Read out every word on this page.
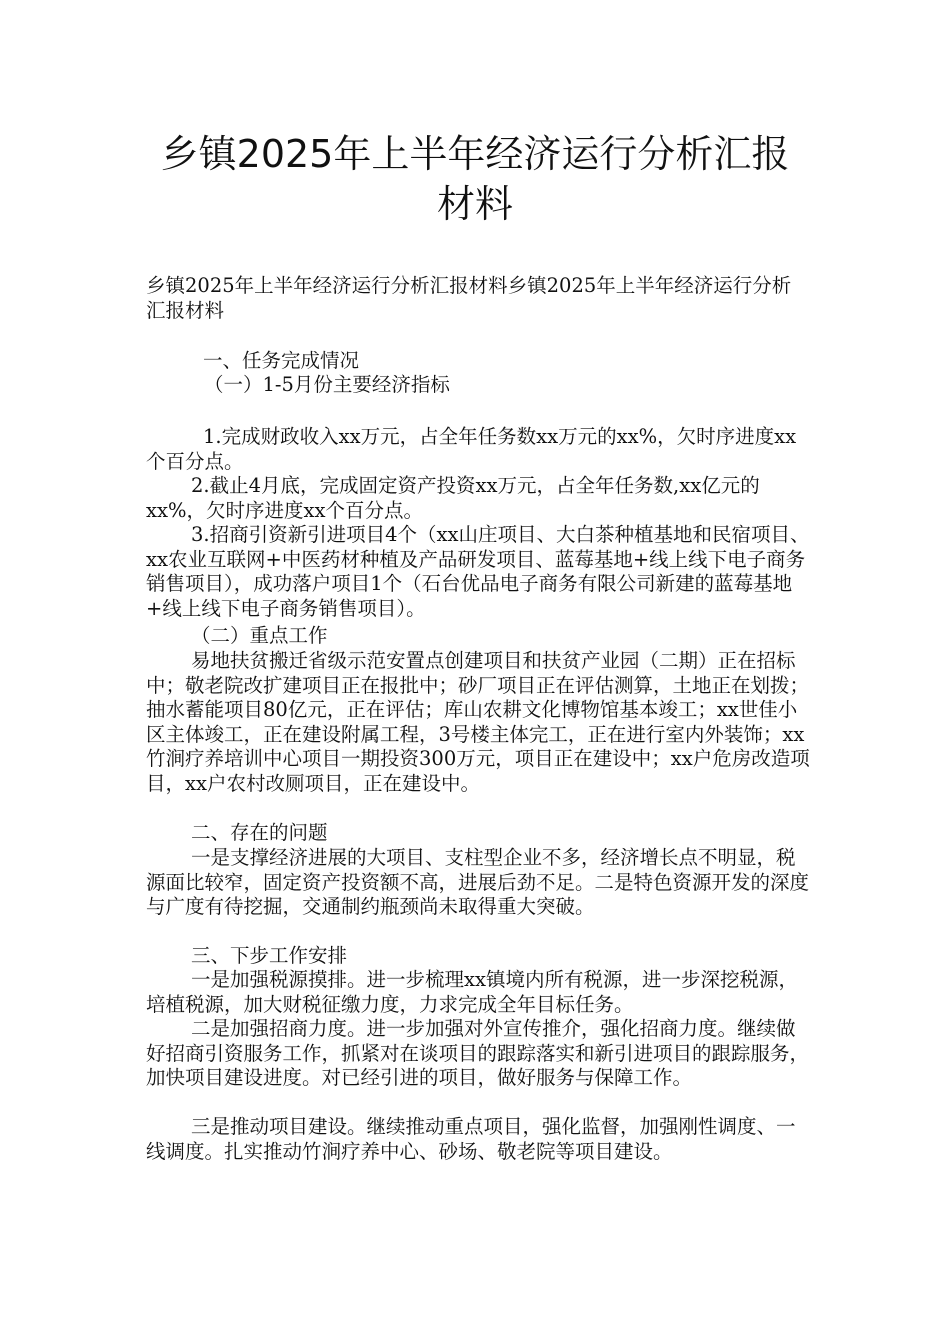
乡镇2025年上半年经济运行分析汇报
材料
乡镇2025年上半年经济运行分析汇报材料乡镇2025年上半年经济运行分析汇报材料
一、任务完成情况
（一）1-5月份主要经济指标
1.完成财政收入xx万元，占全年任务数xx万元的xx%，欠时序进度xx个百分点。
2.截止4月底，完成固定资产投资xx万元，占全年任务数,xx亿元的xx%，欠时序进度xx个百分点。
3.招商引资新引进项目4个（xx山庄项目、大白茶种植基地和民宿项目、xx农业互联网+中医药材种植及产品研发项目、蓝莓基地+线上线下电子商务销售项目），成功落户项目1个（石台优品电子商务有限公司新建的蓝莓基地+线上线下电子商务销售项目）。
（二）重点工作
易地扶贫搬迁省级示范安置点创建项目和扶贫产业园（二期）正在招标中；敬老院改扩建项目正在报批中；砂厂项目正在评估测算，土地正在划拨；抽水蓄能项目80亿元，正在评估；库山农耕文化博物馆基本竣工；xx世佳小区主体竣工，正在建设附属工程，3号楼主体完工，正在进行室内外装饰；xx竹涧疗养培训中心项目一期投资300万元，项目正在建设中；xx户危房改造项目，xx户农村改厕项目，正在建设中。
二、存在的问题
一是支撑经济进展的大项目、支柱型企业不多，经济增长点不明显，税源面比较窄，固定资产投资额不高，进展后劲不足。二是特色资源开发的深度与广度有待挖掘，交通制约瓶颈尚未取得重大突破。
三、下步工作安排
一是加强税源摸排。进一步梳理xx镇境内所有税源，进一步深挖税源，培植税源，加大财税征缴力度，力求完成全年目标任务。
二是加强招商力度。进一步加强对外宣传推介，强化招商力度。继续做好招商引资服务工作，抓紧对在谈项目的跟踪落实和新引进项目的跟踪服务，加快项目建设进度。对已经引进的项目，做好服务与保障工作。
三是推动项目建设。继续推动重点项目，强化监督，加强刚性调度、一线调度。扎实推动竹涧疗养中心、砂场、敬老院等项目建设。
